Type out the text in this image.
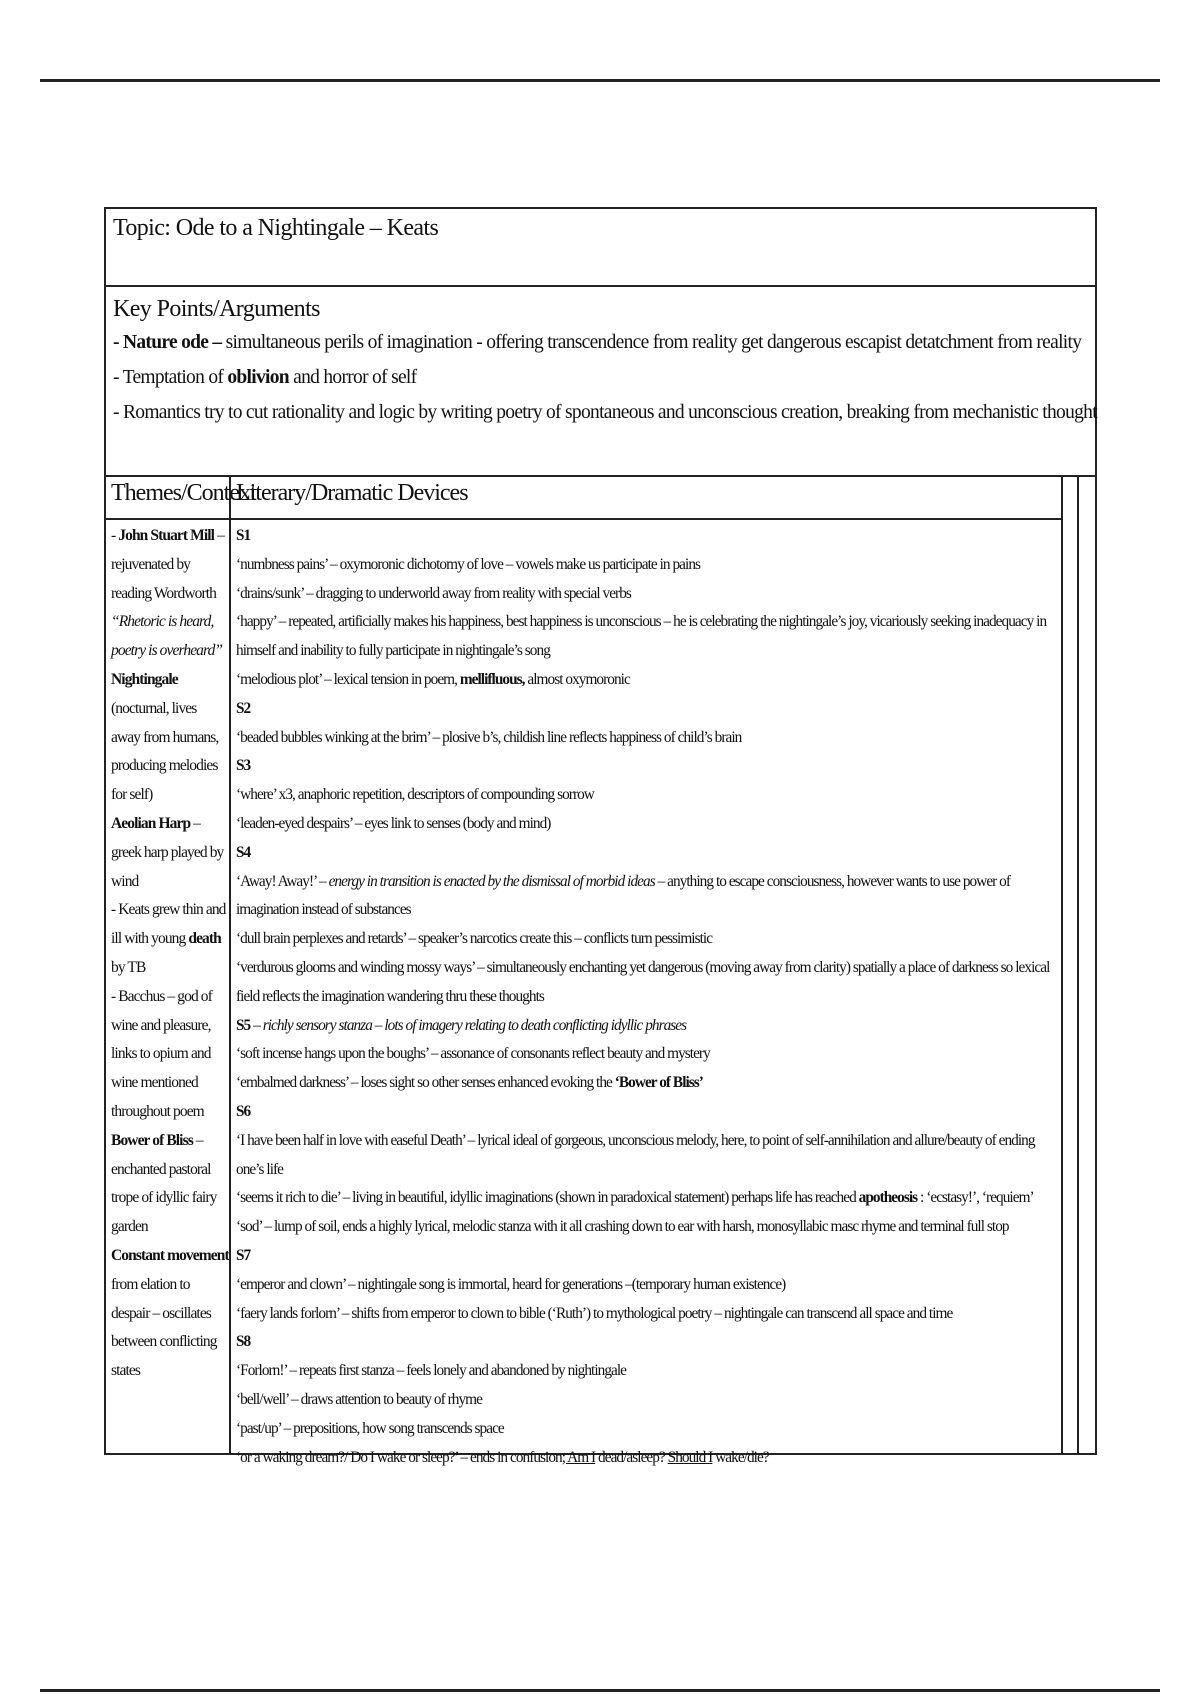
Topic: Ode to a Nightingale – Keats
Key Points/Arguments
- Nature ode – simultaneous perils of imagination - offering transcendence from reality get dangerous escapist detatchment from reality
- Temptation of oblivion and horror of self
- Romantics try to cut rationality and logic by writing poetry of spontaneous and unconscious creation, breaking from mechanistic thought
Themes/Context
- John Stuart Mill –
rejuvenated by
reading Wordworth
“Rhetoric is heard,
poetry is overheard”
Nightingale
(nocturnal, lives
away from humans,
producing melodies
for self)
Aeolian Harp –
greek harp played by
wind
- Keats grew thin and
ill with young death
by TB
- Bacchus – god of
wine and pleasure,
links to opium and
wine mentioned
throughout poem
Bower of Bliss –
enchanted pastoral
trope of idyllic fairy
garden
Constant movement
from elation to
despair – oscillates
between conflicting
states
Literary/Dramatic Devices
S1
‘numbness pains’ – oxymoronic dichotomy of love – vowels make us participate in pains
‘drains/sunk’ – dragging to underworld away from reality with special verbs
‘happy’ – repeated, artificially makes his happiness, best happiness is unconscious – he is celebrating the nightingale’s joy, vicariously seeking inadequacy in
himself and inability to fully participate in nightingale’s song
‘melodious plot’ – lexical tension in poem, mellifluous, almost oxymoronic
S2
‘beaded bubbles winking at the brim’ – plosive b’s, childish line reflects happiness of child’s brain
S3
‘where’ x3, anaphoric repetition, descriptors of compounding sorrow
‘leaden-eyed despairs’ – eyes link to senses (body and mind)
S4
‘Away! Away!’ – energy in transition is enacted by the dismissal of morbid ideas – anything to escape consciousness, however wants to use power of
imagination instead of substances
‘dull brain perplexes and retards’ – speaker’s narcotics create this – conflicts turn pessimistic
‘verdurous glooms and winding mossy ways’ – simultaneously enchanting yet dangerous (moving away from clarity) spatially a place of darkness so lexical
field reflects the imagination wandering thru these thoughts
S5 – richly sensory stanza – lots of imagery relating to death conflicting idyllic phrases
‘soft incense hangs upon the boughs’ – assonance of consonants reflect beauty and mystery
‘embalmed darkness’ – loses sight so other senses enhanced evoking the ‘Bower of Bliss’
S6
‘I have been half in love with easeful Death’ – lyrical ideal of gorgeous, unconscious melody, here, to point of self-annihilation and allure/beauty of ending
one’s life
‘seems it rich to die’ – living in beautiful, idyllic imaginations (shown in paradoxical statement) perhaps life has reached apotheosis : ‘ecstasy!’, ‘requiem’
‘sod’ – lump of soil, ends a highly lyrical, melodic stanza with it all crashing down to ear with harsh, monosyllabic masc rhyme and terminal full stop
S7
‘emperor and clown’ – nightingale song is immortal, heard for generations –(temporary human existence)
‘faery lands forlorn’ – shifts from emperor to clown to bible (‘Ruth’) to mythological poetry – nightingale can transcend all space and time
S8
‘Forlorn!’ – repeats first stanza – feels lonely and abandoned by nightingale
‘bell/well’ – draws attention to beauty of rhyme
‘past/up’ – prepositions, how song transcends space
‘or a waking dream?/ Do I wake or sleep?’ – ends in confusion; Am I dead/asleep? Should I wake/die?
